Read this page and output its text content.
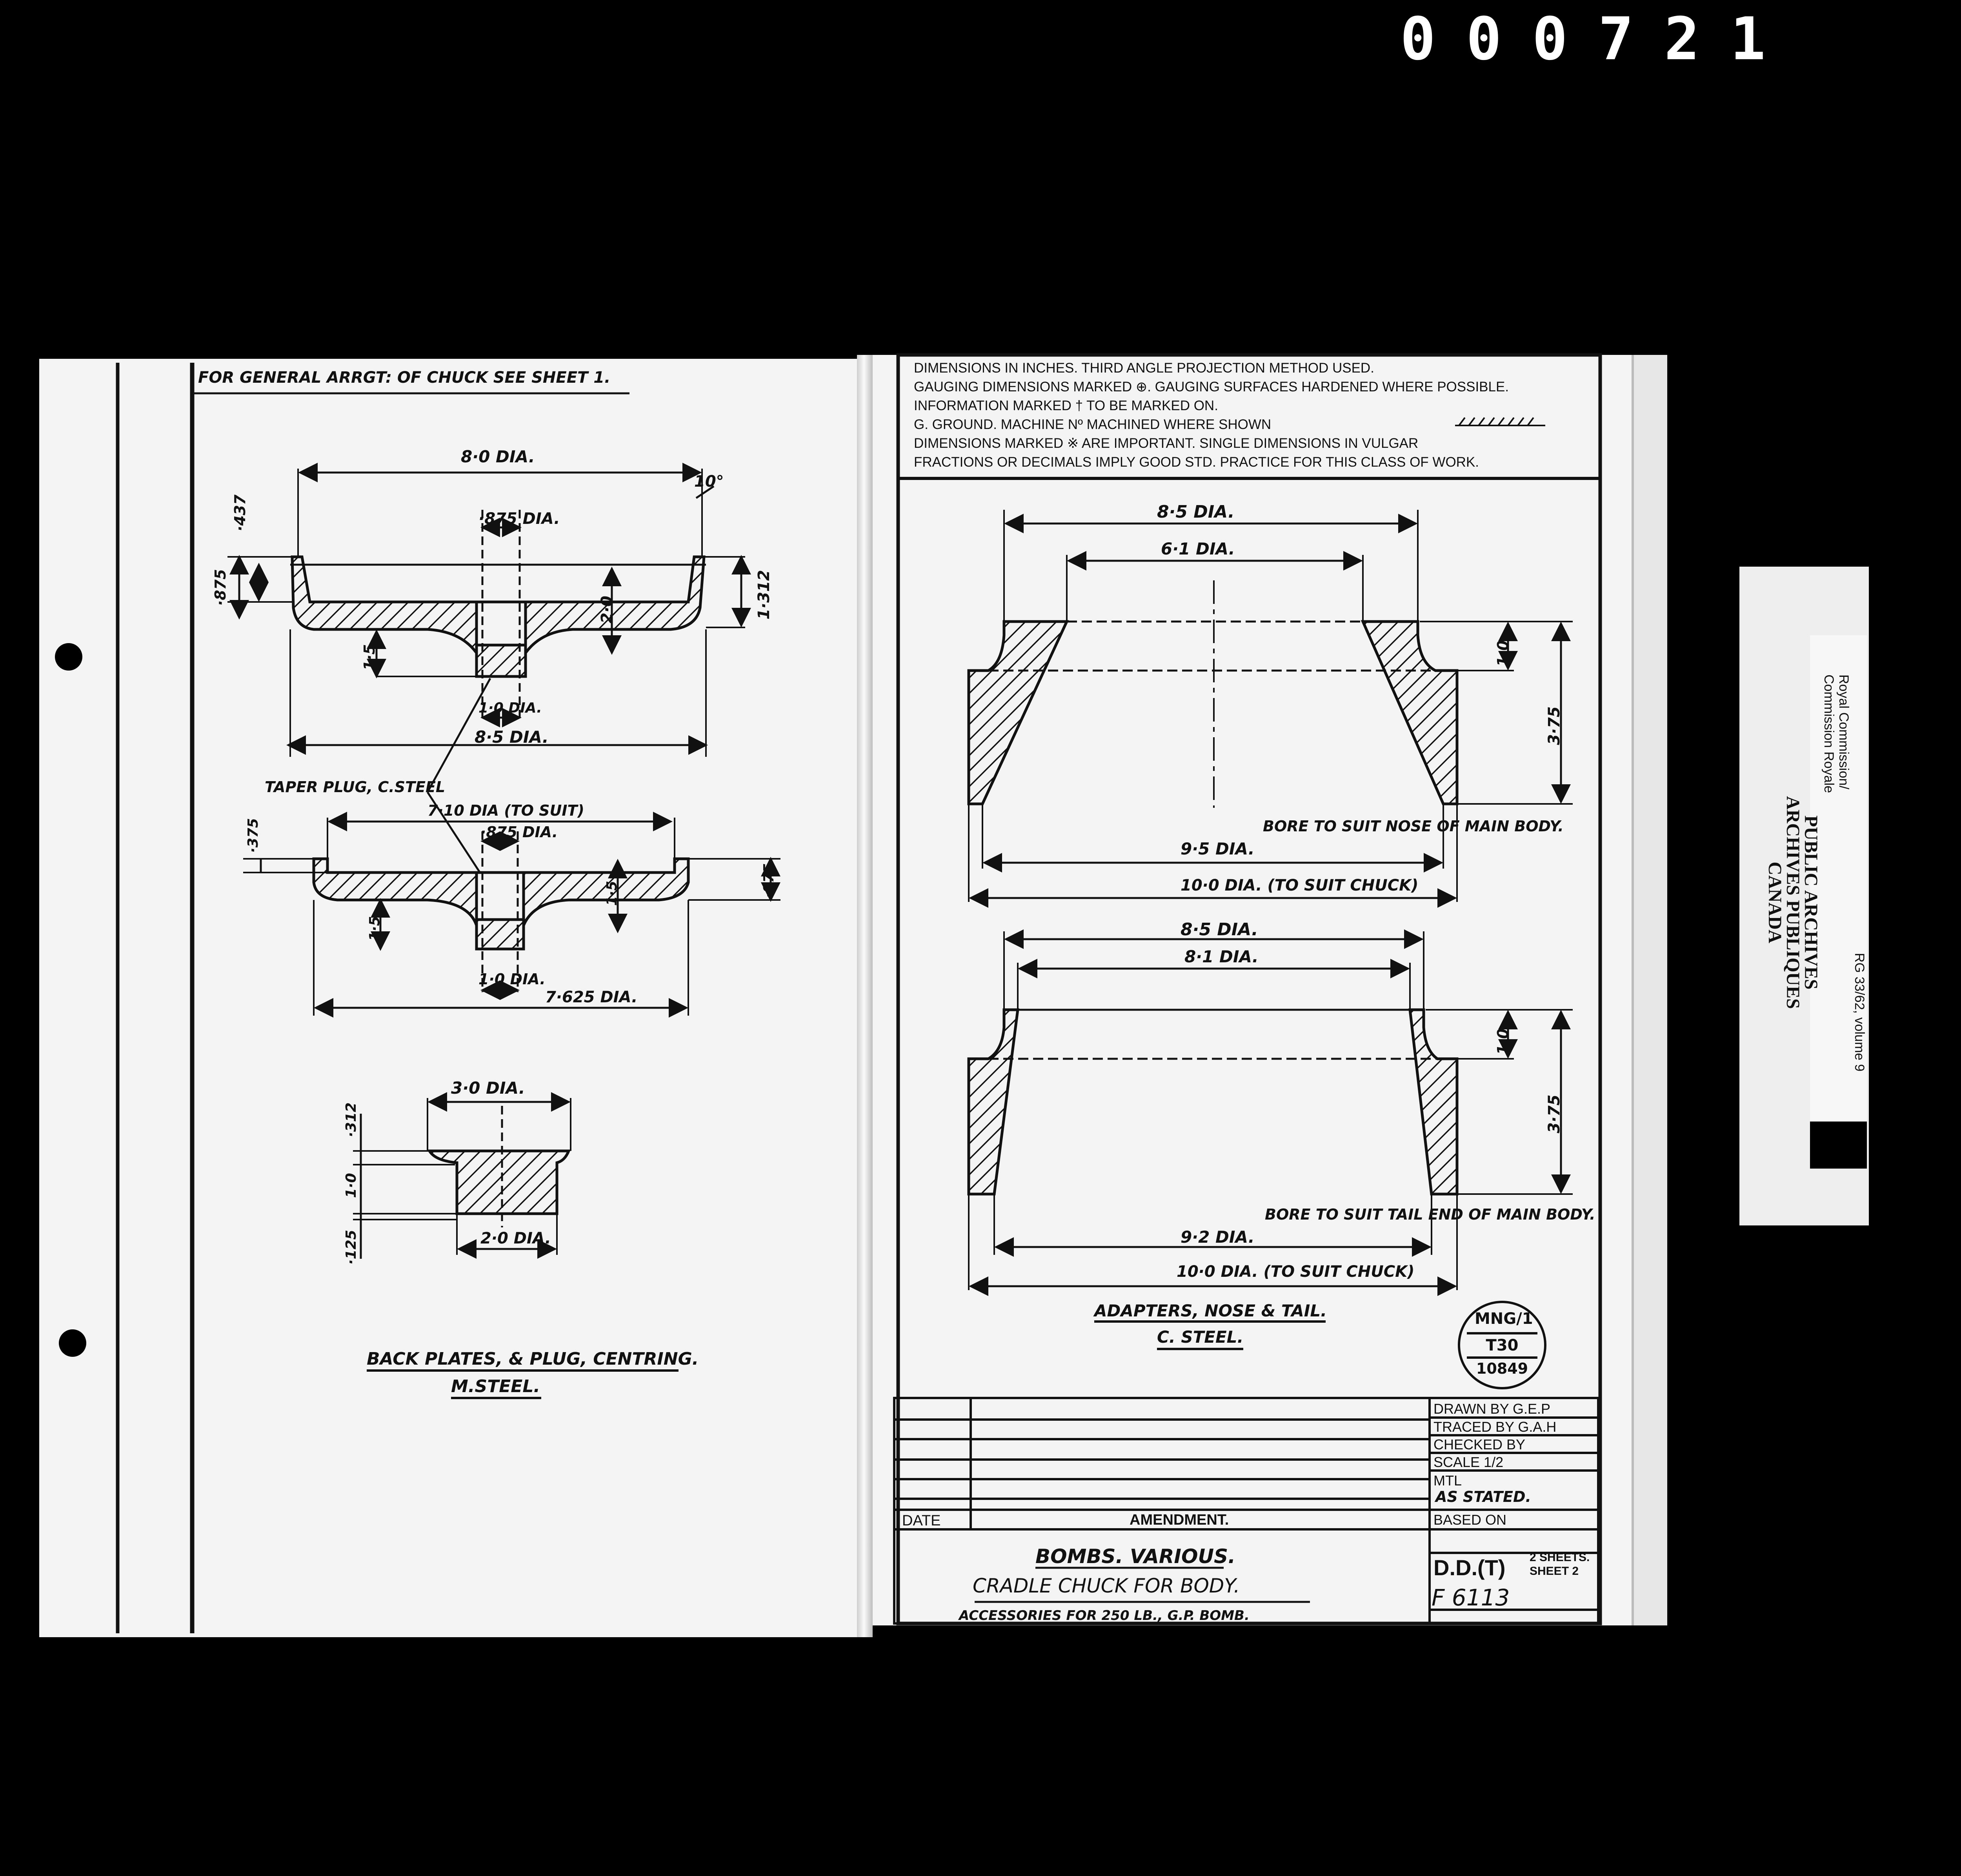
000721
FOR GENERAL ARRGT: OF CHUCK SEE SHEET 1.
8·0 DIA.
10°
·875 DIA.
·437
·875
2·0	1·312
1·5
1·0 DIA.
8·5 DIA.
TAPER PLUG, C.STEEL
7·10 DIA (TO SUIT)
·875 DIA.
·375
1·5	·875
1·5
1·0 DIA.
7·625 DIA.
3·0 DIA.
·312
1·0
·125	2·0 DIA.
BACK PLATES, & PLUG, CENTRING.
M.STEEL.
DIMENSIONS IN INCHES. THIRD ANGLE PROJECTION METHOD USED.
GAUGING DIMENSIONS MARKED ⊕. GAUGING SURFACES HARDENED WHERE POSSIBLE.
INFORMATION MARKED † TO BE MARKED ON.
G. GROUND. MACHINE Nº MACHINED WHERE SHOWN
DIMENSIONS MARKED ※ ARE IMPORTANT. SINGLE DIMENSIONS IN VULGAR
FRACTIONS OR DECIMALS IMPLY GOOD STD. PRACTICE FOR THIS CLASS OF WORK.
8·5 DIA.
6·1 DIA.
1·0
3·75
BORE TO SUIT NOSE OF MAIN BODY.
9·5 DIA.
10·0 DIA. (TO SUIT CHUCK)
8·5 DIA.
8·1 DIA.
1·0
3·75
BORE TO SUIT TAIL END OF MAIN BODY.
9·2 DIA.
10·0 DIA. (TO SUIT CHUCK)
ADAPTERS, NOSE & TAIL.
C. STEEL.
MNG/1
T30
10849
DRAWN BY G.E.P
TRACED BY G.A.H
CHECKED BY
SCALE 1/2
MTL
AS STATED.
BASED ON
DATE	AMENDMENT.
BOMBS. VARIOUS.
CRADLE CHUCK FOR BODY.
ACCESSORIES FOR 250 LB., G.P. BOMB.
D.D.(T) 2 SHEETS.
SHEET 2
F 6113
Royal Commission/
Commission Royale
PUBLIC ARCHIVES
ARCHIVES PUBLIQUES
CANADA
RG 33/62, volume 9
